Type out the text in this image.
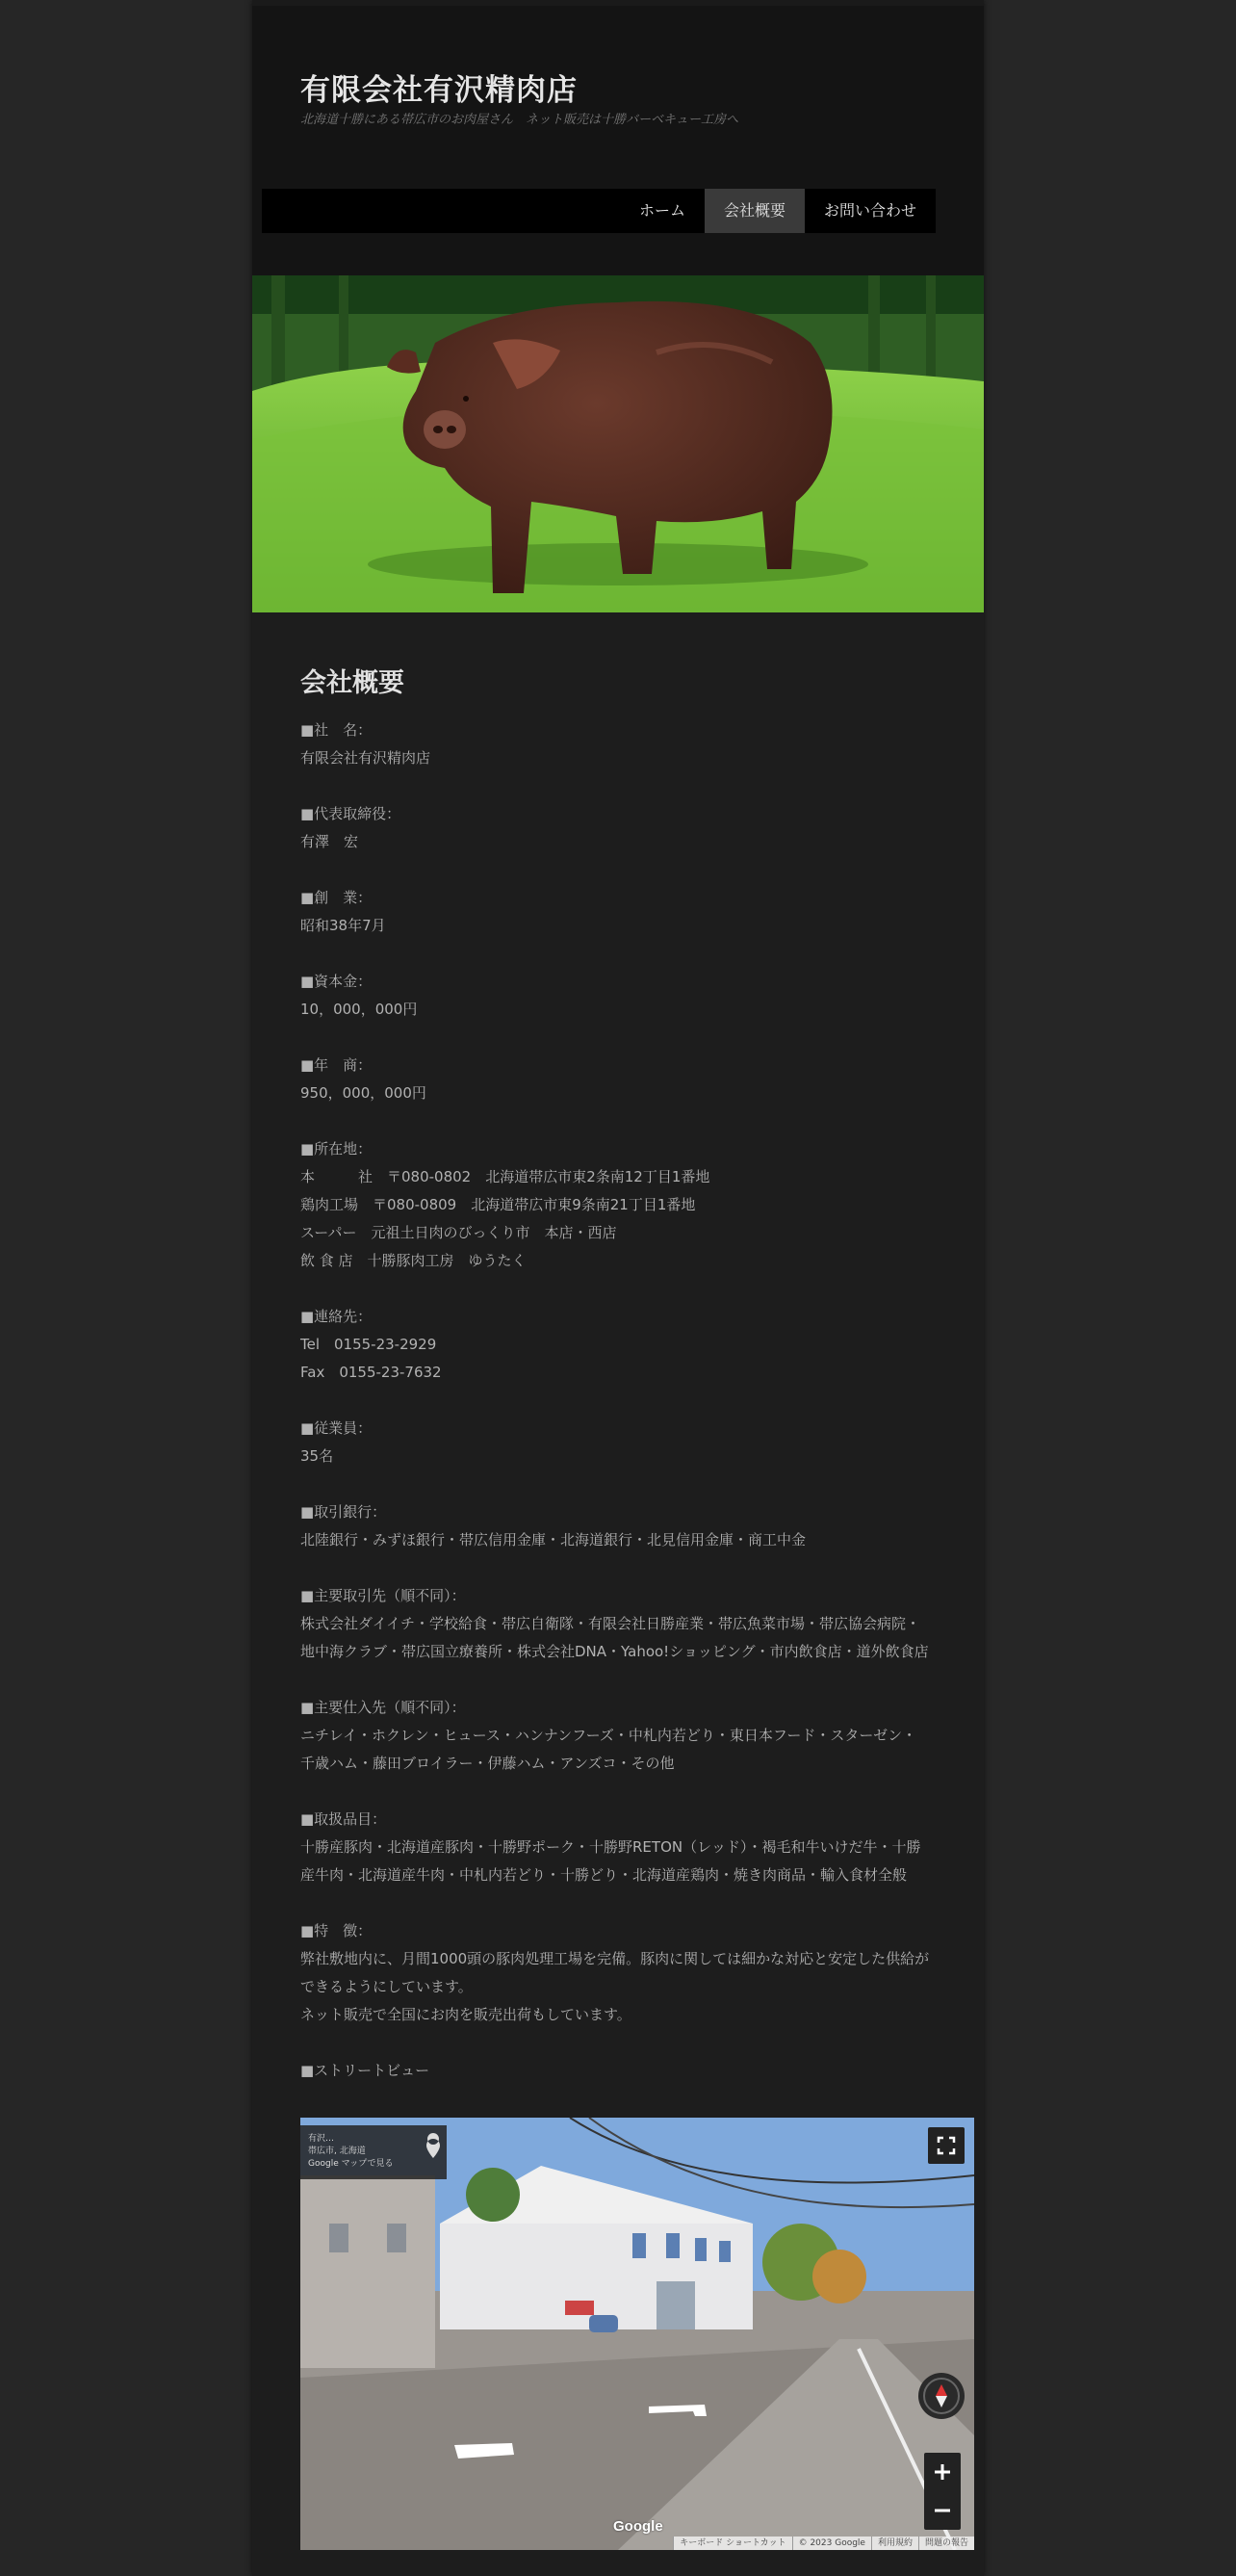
有限会社有沢精肉店
北海道十勝にある帯広市のお肉屋さん　ネット販売は十勝バーベキュー工房へ
ホーム	会社概要	お問い合わせ
会社概要
■社　名：
有限会社有沢精肉店
■代表取締役：
有澤　宏
■創　業：
昭和38年7月
■資本金：
10，000，000円
■年　商：
950，000，000円
■所在地：
本　　　社　〒080-0802　北海道帯広市東2条南12丁目1番地
鶏肉工場　〒080-0809　北海道帯広市東9条南21丁目1番地
スーパー　元祖土日肉のびっくり市　本店・西店
飲 食 店　十勝豚肉工房　ゆうたく
■連絡先：
Tel　0155-23-2929
Fax　0155-23-7632
■従業員：
35名
■取引銀行：
北陸銀行・みずほ銀行・帯広信用金庫・北海道銀行・北見信用金庫・商工中金
■主要取引先（順不同）：
株式会社ダイイチ・学校給食・帯広自衛隊・有限会社日勝産業・帯広魚菜市場・帯広協会病院・
地中海クラブ・帯広国立療養所・株式会社DNA・Yahoo!ショッピング・市内飲食店・道外飲食店
■主要仕入先（順不同）：
ニチレイ・ホクレン・ヒュース・ハンナンフーズ・中札内若どり・東日本フード・スターゼン・
千歳ハム・藤田ブロイラー・伊藤ハム・アンズコ・その他
■取扱品目：
十勝産豚肉・北海道産豚肉・十勝野ポーク・十勝野RETON（レッド）・褐毛和牛いけだ牛・十勝
産牛肉・北海道産牛肉・中札内若どり・十勝どり・北海道産鶏肉・焼き肉商品・輸入食材全般
■特　徴：
弊社敷地内に、月間1000頭の豚肉処理工場を完備。豚肉に関しては細かな対応と安定した供給が
できるようにしています。
ネット販売で全国にお肉を販売出荷もしています。
■ストリートビュー
有沢…
帯広市, 北海道
Google マップで見る
Google
キーボード ショートカット	© 2023 Google	利用規約	問題の報告
